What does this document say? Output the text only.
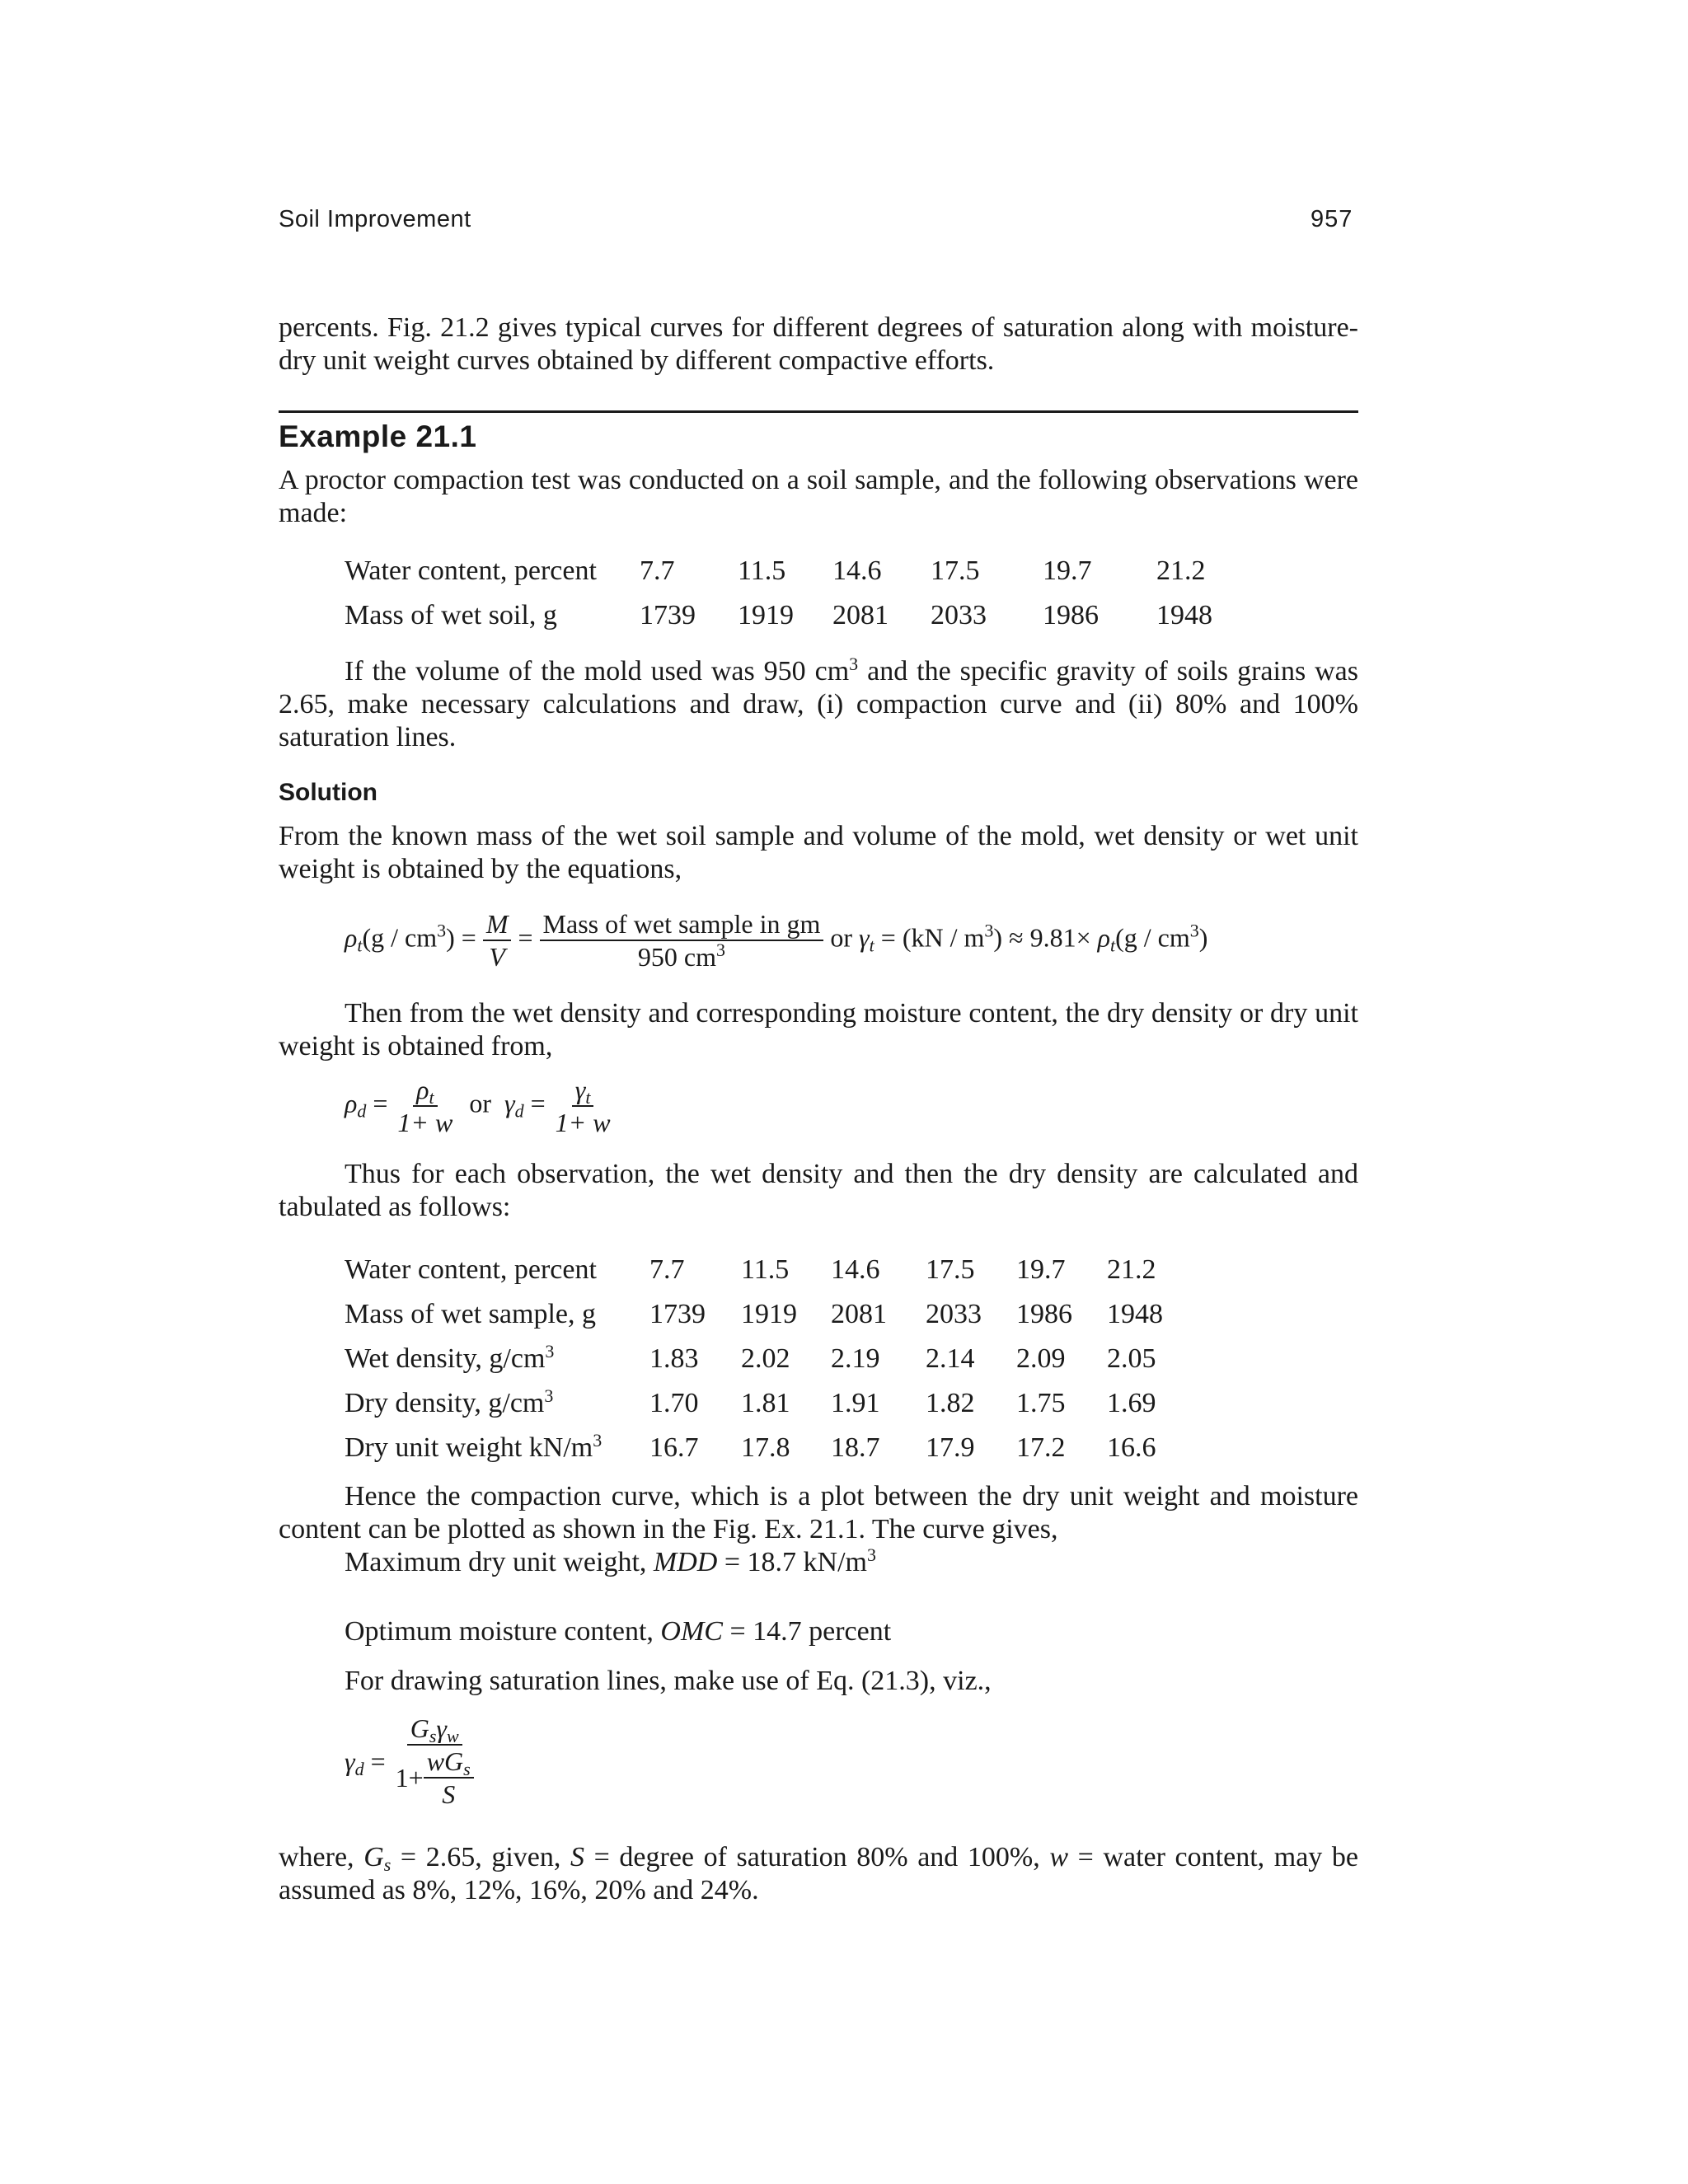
Soil Improvement	957
percents. Fig. 21.2 gives typical curves for different degrees of saturation along with moisture-dry unit weight curves obtained by different compactive efforts.
Example 21.1
A proctor compaction test was conducted on a soil sample, and the following observations were made:
Water content, percent	7.7	11.5	14.6	17.5	19.7	21.2
Mass of wet soil, g	1739	1919	2081	2033	1986	1948
If the volume of the mold used was 950 $cm^3$ and the specific gravity of soils grains was 2.65, make necessary calculations and draw, (i) compaction curve and (ii) 80% and 100% saturation lines.
Solution
From the known mass of the wet soil sample and volume of the mold, wet density or wet unit weight is obtained by the equations,
$\rho_t(g / cm^3) = \frac{M}{V} = \frac{\text{Mass of wet sample in gm}}{950 cm^3}$ or $\gamma_t = (kN / m^3) \approx 9.81\times \rho_t(g / cm^3)$
Then from the wet density and corresponding moisture content, the dry density or dry unit weight is obtained from,
$\rho_d = \frac{\rho_t}{1+ w}$ or $\gamma_d = \frac{\gamma_t}{1+ w}$
Thus for each observation, the wet density and then the dry density are calculated and tabulated as follows:
Water content, percent	7.7	11.5	14.6	17.5	19.7	21.2
Mass of wet sample, g	1739	1919	2081	2033	1986	1948
Wet density, $g/cm^3$	1.83	2.02	2.19	2.14	2.09	2.05
Dry density, $g/cm^3$	1.70	1.81	1.91	1.82	1.75	1.69
Dry unit weight $kN/m^3$	16.7	17.8	18.7	17.9	17.2	16.6
Hence the compaction curve, which is a plot between the dry unit weight and moisture content can be plotted as shown in the Fig. Ex. 21.1. The curve gives,
Maximum dry unit weight, MDD = 18.7 $kN/m^3$
Optimum moisture content, OMC = 14.7 percent
For drawing saturation lines, make use of Eq. (21.3), viz.,
$\gamma_d = \frac{G_s\gamma_w}{1+ \frac{wG_s}{S}}$
where, $G_s = 2.65$, given, S = degree of saturation 80% and 100%, w = water content, may be assumed as 8%, 12%, 16%, 20% and 24%.
